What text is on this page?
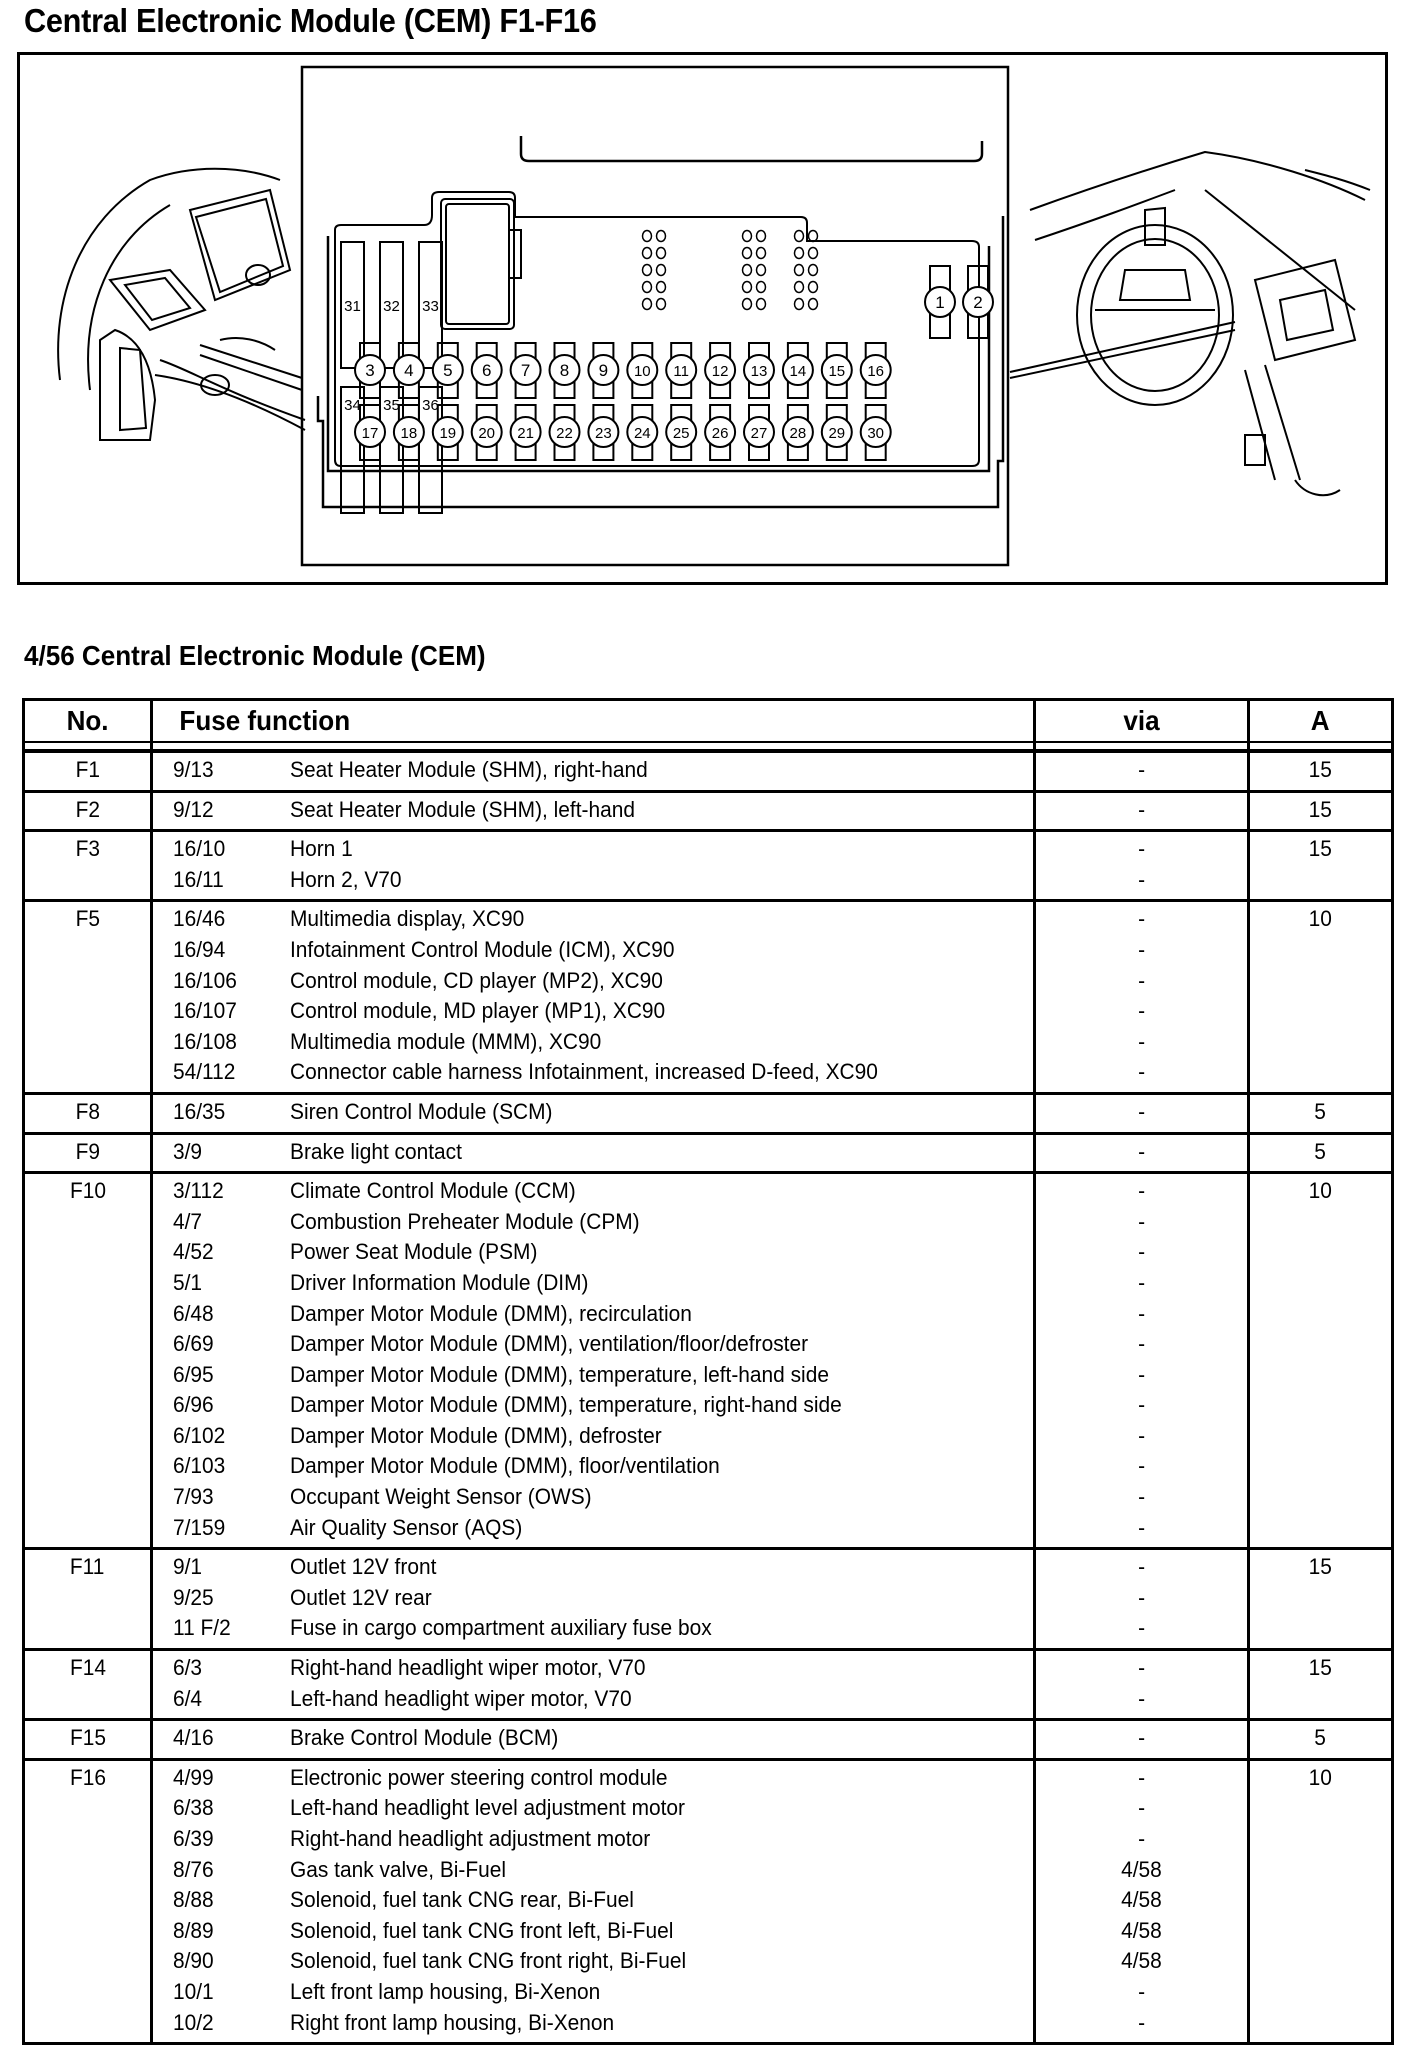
Central Electronic Module (CEM) F1-F16
31 32 33
34 35 36
1 2
3 4 5 6 7 8 9 10 11 12 13 14 15 16
17 18 19 20 21 22 23 24 25 26 27 28 29 30
4/56 Central Electronic Module (CEM)
No.	Fuse function	via	A

F1	9/13 Seat Heater Module (SHM), right-hand	-	15
F2	9/12 Seat Heater Module (SHM), left-hand	-	15
F3	16/10 Horn 1	-	15
	16/11 Horn 2, V70	-	
F5	16/46 Multimedia display, XC90	-	10
	16/94 Infotainment Control Module (ICM), XC90	-	
	16/106 Control module, CD player (MP2), XC90	-	
	16/107 Control module, MD player (MP1), XC90	-	
	16/108 Multimedia module (MMM), XC90	-	
	54/112 Connector cable harness Infotainment, increased D-feed, XC90	-	
F8	16/35 Siren Control Module (SCM)	-	5
F9	3/9 Brake light contact	-	5
F10	3/112 Climate Control Module (CCM)	-	10
	4/7 Combustion Preheater Module (CPM)	-	
	4/52 Power Seat Module (PSM)	-	
	5/1 Driver Information Module (DIM)	-	
	6/48 Damper Motor Module (DMM), recirculation	-	
	6/69 Damper Motor Module (DMM), ventilation/floor/defroster	-	
	6/95 Damper Motor Module (DMM), temperature, left-hand side	-	
	6/96 Damper Motor Module (DMM), temperature, right-hand side	-	
	6/102 Damper Motor Module (DMM), defroster	-	
	6/103 Damper Motor Module (DMM), floor/ventilation	-	
	7/93 Occupant Weight Sensor (OWS)	-	
	7/159 Air Quality Sensor (AQS)	-	
F11	9/1 Outlet 12V front	-	15
	9/25 Outlet 12V rear	-	
	11 F/2 Fuse in cargo compartment auxiliary fuse box	-	
F14	6/3 Right-hand headlight wiper motor, V70	-	15
	6/4 Left-hand headlight wiper motor, V70	-	
F15	4/16 Brake Control Module (BCM)	-	5
F16	4/99 Electronic power steering control module	-	10
	6/38 Left-hand headlight level adjustment motor	-	
	6/39 Right-hand headlight adjustment motor	-	
	8/76 Gas tank valve, Bi-Fuel	4/58	
	8/88 Solenoid, fuel tank CNG rear, Bi-Fuel	4/58	
	8/89 Solenoid, fuel tank CNG front left, Bi-Fuel	4/58	
	8/90 Solenoid, fuel tank CNG front right, Bi-Fuel	4/58	
	10/1 Left front lamp housing, Bi-Xenon	-	
	10/2 Right front lamp housing, Bi-Xenon	-	
